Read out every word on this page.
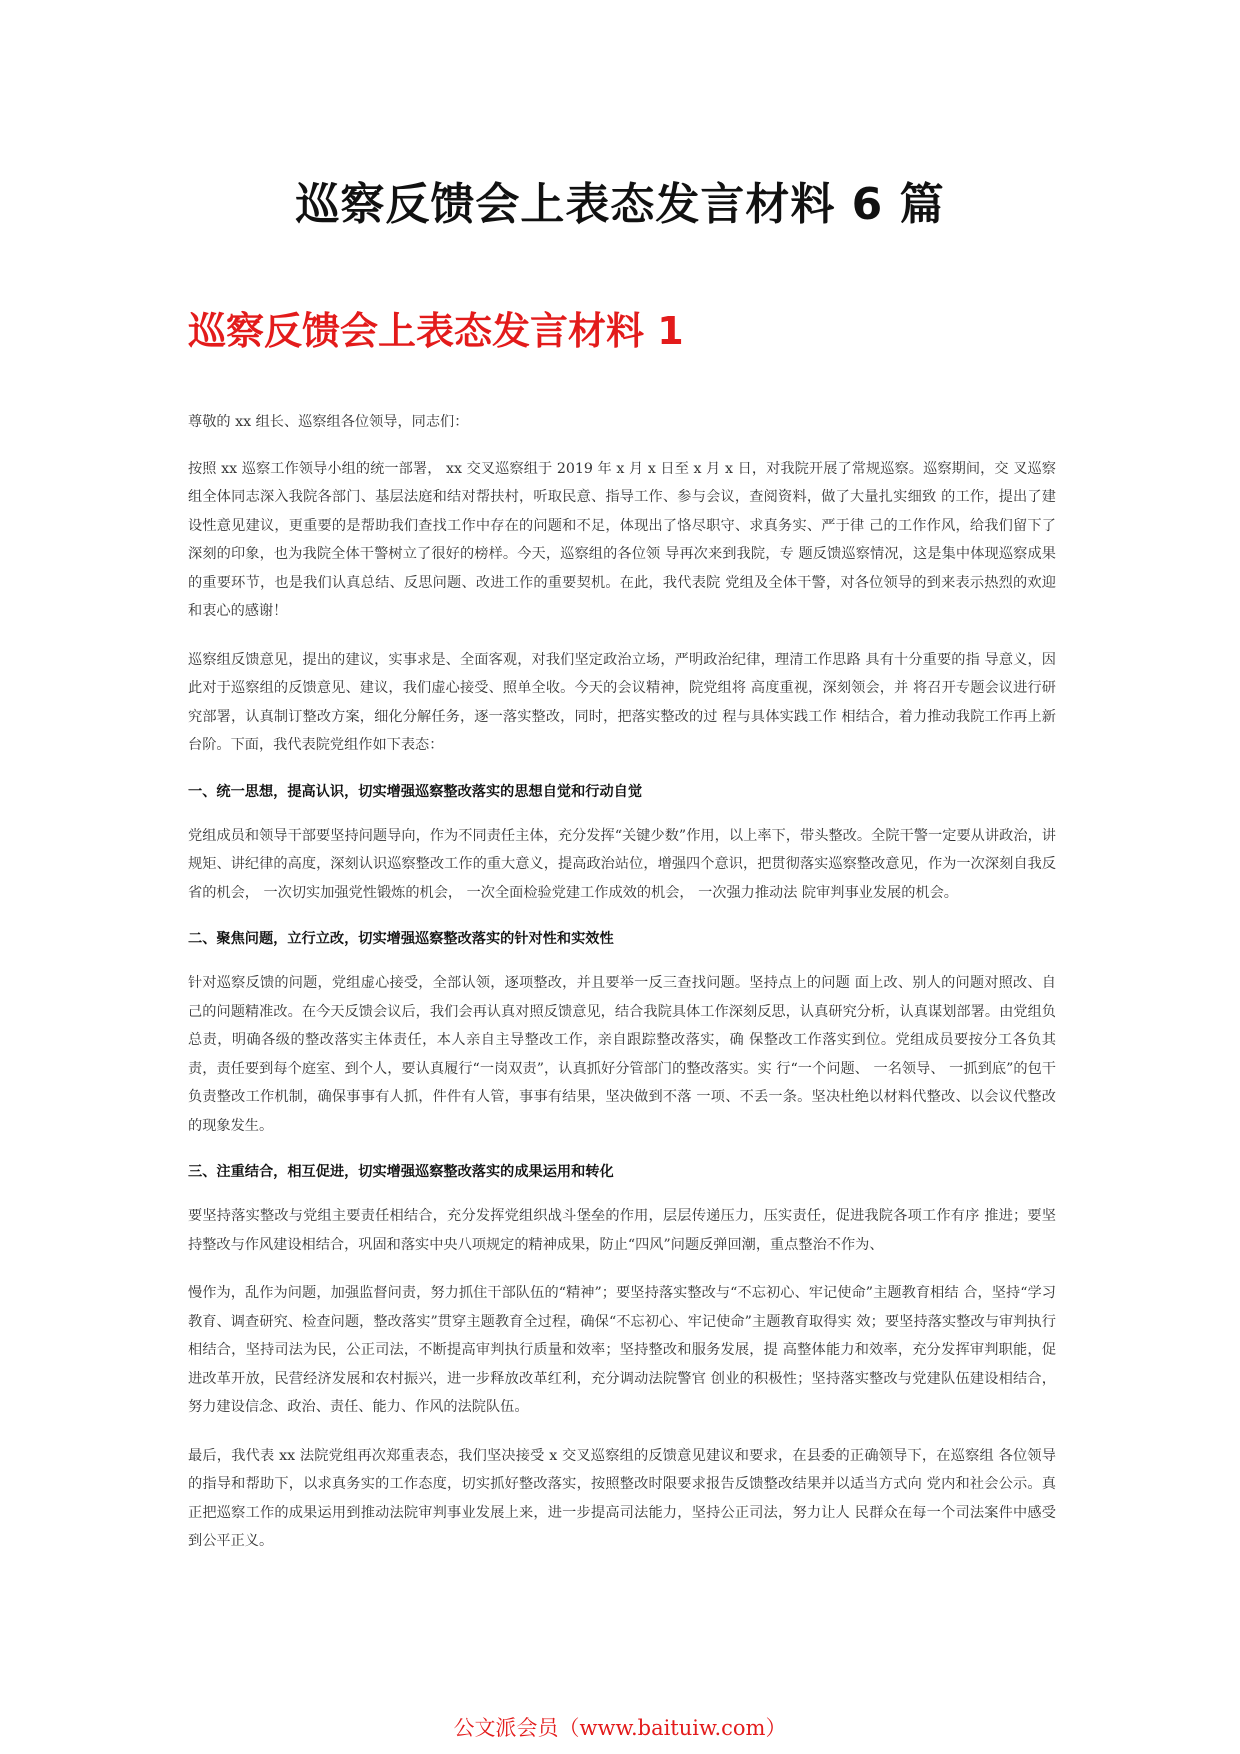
巡察反馈会上表态发言材料 6 篇
巡察反馈会上表态发言材料 1

尊敬的 xx 组长、巡察组各位领导，同志们：

按照 xx 巡察工作领导小组的统一部署， xx 交叉巡察组于 2019 年 x 月 x 日至 x 月 x 日，对我院开展了常规巡察。巡察期间，交 叉巡察组全体同志深入我院各部门、基层法庭和结对帮扶村，听取民意、指导工作、参与会议，查阅资料，做了大量扎实细致 的工作，提出了建设性意见建议，更重要的是帮助我们查找工作中存在的问题和不足，体现出了恪尽职守、求真务实、严于律 己的工作作风，给我们留下了深刻的印象，也为我院全体干警树立了很好的榜样。今天，巡察组的各位领 导再次来到我院，专 题反馈巡察情况，这是集中体现巡察成果的重要环节，也是我们认真总结、反思问题、改进工作的重要契机。在此，我代表院 党组及全体干警，对各位领导的到来表示热烈的欢迎和衷心的感谢！

巡察组反馈意见，提出的建议，实事求是、全面客观，对我们坚定政治立场，严明政治纪律，理清工作思路 具有十分重要的指 导意义，因此对于巡察组的反馈意见、建议，我们虚心接受、照单全收。今天的会议精神，院党组将 高度重视，深刻领会，并 将召开专题会议进行研究部署，认真制订整改方案，细化分解任务，逐一落实整改，同时，把落实整改的过 程与具体实践工作 相结合，着力推动我院工作再上新台阶。下面，我代表院党组作如下表态：

一、统一思想，提高认识，切实增强巡察整改落实的思想自觉和行动自觉

党组成员和领导干部要坚持问题导向，作为不同责任主体，充分发挥“关键少数”作用，以上率下，带头整改。全院干警一定要从讲政治，讲规矩、讲纪律的高度，深刻认识巡察整改工作的重大意义，提高政治站位，增强四个意识，把贯彻落实巡察整改意见，作为一次深刻自我反省的机会， 一次切实加强党性锻炼的机会， 一次全面检验党建工作成效的机会， 一次强力推动法 院审判事业发展的机会。

二、聚焦问题，立行立改，切实增强巡察整改落实的针对性和实效性

针对巡察反馈的问题，党组虚心接受，全部认领，逐项整改，并且要举一反三查找问题。坚持点上的问题 面上改、别人的问题对照改、自己的问题精准改。在今天反馈会议后，我们会再认真对照反馈意见，结合我院具体工作深刻反思，认真研究分析，认真谋划部署。由党组负总责，明确各级的整改落实主体责任，本人亲自主导整改工作，亲自跟踪整改落实，确 保整改工作落实到位。党组成员要按分工各负其责，责任要到每个庭室、到个人，要认真履行“一岗双责”，认真抓好分管部门的整改落实。实 行“一个问题、 一名领导、 一抓到底”的包干负责整改工作机制，确保事事有人抓，件件有人管，事事有结果，坚决做到不落 一项、不丢一条。坚决杜绝以材料代整改、以会议代整改的现象发生。

三、注重结合，相互促进，切实增强巡察整改落实的成果运用和转化

要坚持落实整改与党组主要责任相结合，充分发挥党组织战斗堡垒的作用，层层传递压力，压实责任，促进我院各项工作有序 推进；要坚持整改与作风建设相结合，巩固和落实中央八项规定的精神成果，防止“四风”问题反弹回潮，重点整治不作为、

慢作为，乱作为问题，加强监督问责，努力抓住干部队伍的“精神”；要坚持落实整改与“不忘初心、牢记使命”主题教育相结 合，坚持“学习教育、调查研究、检查问题，整改落实”贯穿主题教育全过程，确保“不忘初心、牢记使命”主题教育取得实 效；要坚持落实整改与审判执行相结合，坚持司法为民，公正司法，不断提高审判执行质量和效率；坚持整改和服务发展，提 高整体能力和效率，充分发挥审判职能，促进改革开放，民营经济发展和农村振兴，进一步释放改革红利，充分调动法院警官 创业的积极性；坚持落实整改与党建队伍建设相结合，努力建设信念、政治、责任、能力、作风的法院队伍。

最后，我代表 xx 法院党组再次郑重表态，我们坚决接受 x 交叉巡察组的反馈意见建议和要求，在县委的正确领导下，在巡察组 各位领导的指导和帮助下，以求真务实的工作态度，切实抓好整改落实，按照整改时限要求报告反馈整改结果并以适当方式向 党内和社会公示。真正把巡察工作的成果运用到推动法院审判事业发展上来，进一步提高司法能力，坚持公正司法，努力让人 民群众在每一个司法案件中感受到公平正义。

公文派会员（www.baituiw.com）
